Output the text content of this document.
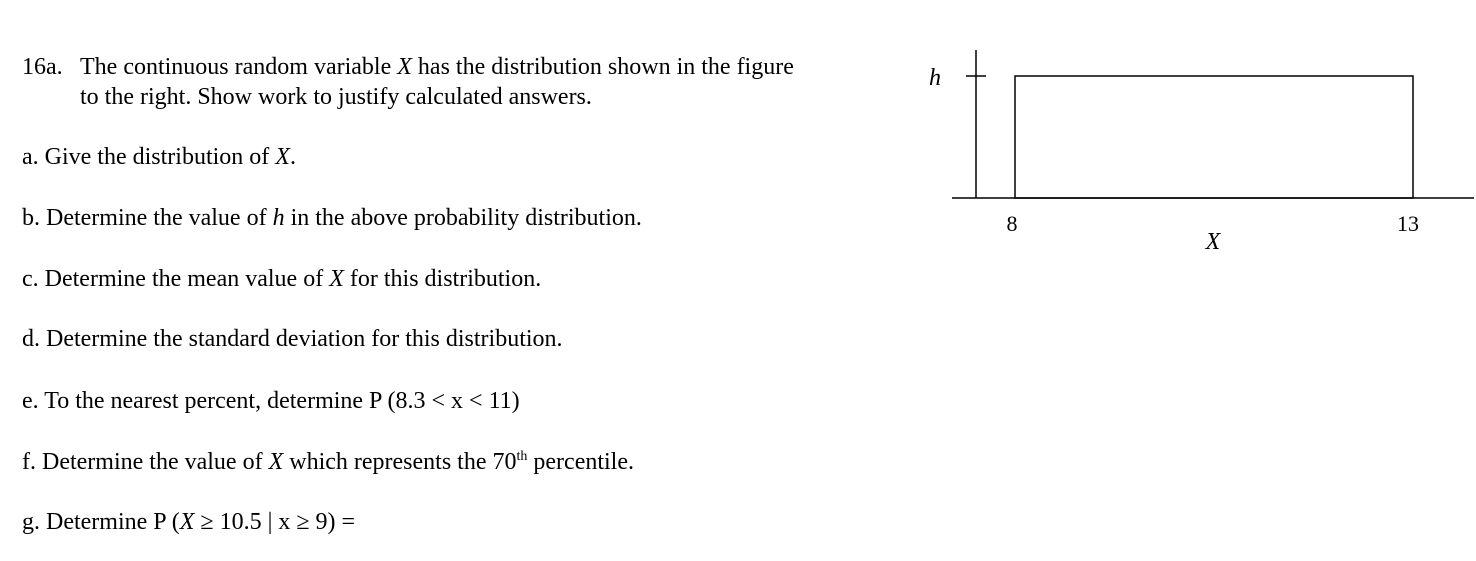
16a. The continuous random variable X has the distribution shown in the figure
to the right. Show work to justify calculated answers.
a. Give the distribution of X.
b. Determine the value of h in the above probability distribution.
c. Determine the mean value of X for this distribution.
d. Determine the standard deviation for this distribution.
e. To the nearest percent, determine P (8.3 < x < 11)
f. Determine the value of X which represents the 70th percentile.
g. Determine P (X ≥ 10.5 | x ≥ 9) =
h
8	13
X
